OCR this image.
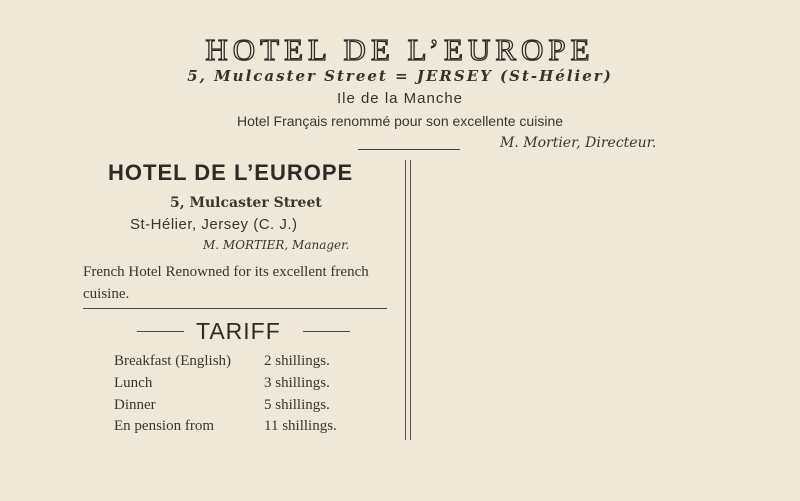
HOTEL DE L’EUROPE
5, Mulcaster Street = JERSEY (St-Hélier)
Ile de la Manche
Hotel Français renommé pour son excellente cuisine
M. Mortier, Directeur.
HOTEL DE L’EUROPE
5, Mulcaster Street
St-Hélier, Jersey (C. J.)
M. MORTIER, Manager.
French Hotel Renowned for its excellent french cuisine.
TARIFF
Breakfast (English) 2 shillings.
Lunch	3 shillings.
Dinner	5 shillings.
En pension from	11 shillings.
